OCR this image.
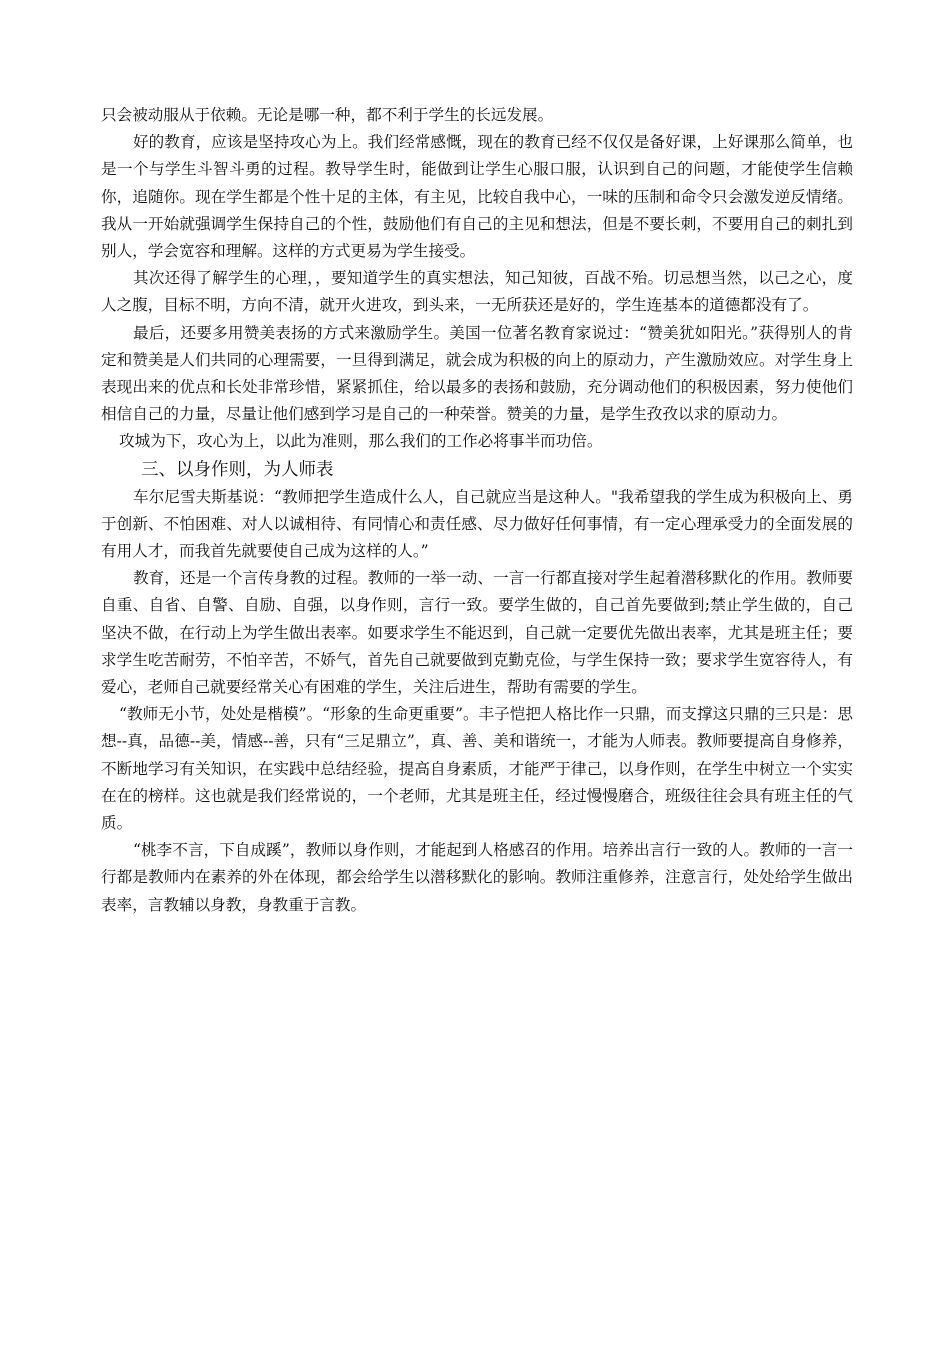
只会被动服从于依赖。无论是哪一种，都不利于学生的长远发展。

好的教育，应该是坚持攻心为上。我们经常感慨，现在的教育已经不仅仅是备好课，上好课那么简单，也是一个与学生斗智斗勇的过程。教导学生时，能做到让学生心服口服，认识到自己的问题，才能使学生信赖你，追随你。现在学生都是个性十足的主体，有主见，比较自我中心，一味的压制和命令只会激发逆反情绪。我从一开始就强调学生保持自己的个性，鼓励他们有自己的主见和想法，但是不要长刺，不要用自己的刺扎到别人，学会宽容和理解。这样的方式更易为学生接受。

其次还得了解学生的心理，，要知道学生的真实想法，知己知彼，百战不殆。切忌想当然，以己之心，度人之腹，目标不明，方向不清，就开火进攻，到头来，一无所获还是好的，学生连基本的道德都没有了。

最后，还要多用赞美表扬的方式来激励学生。美国一位著名教育家说过：“赞美犹如阳光。”获得别人的肯定和赞美是人们共同的心理需要，一旦得到满足，就会成为积极的向上的原动力，产生激励效应。对学生身上表现出来的优点和长处非常珍惜，紧紧抓住，给以最多的表扬和鼓励，充分调动他们的积极因素，努力使他们相信自己的力量，尽量让他们感到学习是自己的一种荣誉。赞美的力量，是学生孜孜以求的原动力。

攻城为下，攻心为上，以此为准则，那么我们的工作必将事半而功倍。

三、以身作则，为人师表

车尔尼雪夫斯基说：“教师把学生造成什么人，自己就应当是这种人。"我希望我的学生成为积极向上、勇于创新、不怕困难、对人以诚相待、有同情心和责任感、尽力做好任何事情，有一定心理承受力的全面发展的有用人才，而我首先就要使自己成为这样的人。”

教育，还是一个言传身教的过程。教师的一举一动、一言一行都直接对学生起着潜移默化的作用。教师要自重、自省、自警、自励、自强，以身作则，言行一致。要学生做的，自己首先要做到;禁止学生做的，自己坚决不做，在行动上为学生做出表率。如要求学生不能迟到，自己就一定要优先做出表率，尤其是班主任；要求学生吃苦耐劳，不怕辛苦，不娇气，首先自己就要做到克勤克俭，与学生保持一致；要求学生宽容待人，有爱心，老师自己就要经常关心有困难的学生，关注后进生，帮助有需要的学生。

“教师无小节，处处是楷模”。“形象的生命更重要”。丰子恺把人格比作一只鼎，而支撑这只鼎的三只是：思想--真，品德--美，情感--善，只有“三足鼎立”，真、善、美和谐统一，才能为人师表。教师要提高自身修养，不断地学习有关知识，在实践中总结经验，提高自身素质，才能严于律己，以身作则，在学生中树立一个实实在在的榜样。这也就是我们经常说的，一个老师，尤其是班主任，经过慢慢磨合，班级往往会具有班主任的气质。

“桃李不言，下自成蹊”，教师以身作则，才能起到人格感召的作用。培养出言行一致的人。教师的一言一行都是教师内在素养的外在体现，都会给学生以潜移默化的影响。教师注重修养，注意言行，处处给学生做出表率，言教辅以身教，身教重于言教。
